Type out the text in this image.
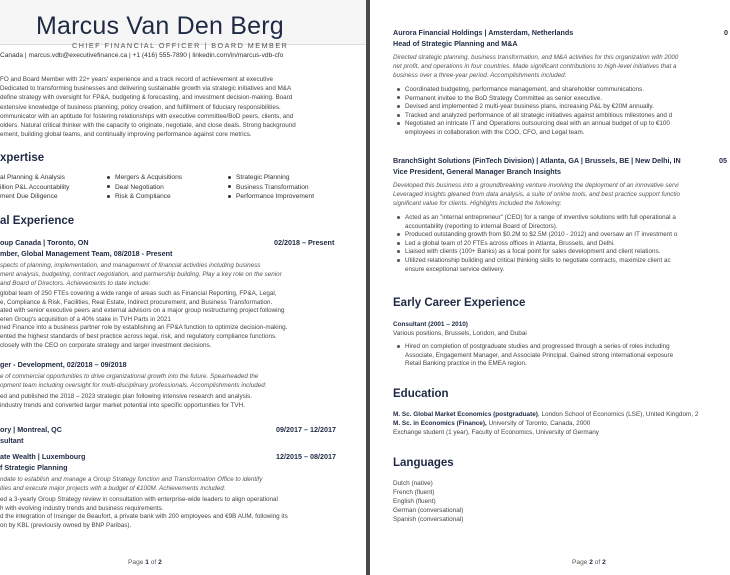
Marcus Van Den Berg
CHIEF FINANCIAL OFFICER | BOARD MEMBER
Canada | marcus.vdb@executivefinance.ca | +1 (416) 555-7890 | linkedin.com/in/marcus-vdb-cfo
FO and Board Member with 22+ years' experience and a track record of achievement at executive
Dedicated to transforming businesses and delivering sustainable growth via strategic initiatives and M&A
define strategy with oversight for FP&A, budgeting & forecasting, and investment decision-making. Board
extensive knowledge of business planning, policy creation, and fulfillment of fiduciary responsibilities.
ommunicator with an aptitude for fostering relationships with executive committee/BoD peers, clients, and
olders. Natural critical thinker with the capacity to originate, negotiate, and close deals. Strong background
ement, building global teams, and continually improving performance against core metrics.
xpertise
al Planning & Analysis	Mergers & Acquisitions	Strategic Planning
illion P&L Accountability	Deal Negotiation	Business Transformation
ment Due Diligence	Risk & Compliance	Performance Improvement
al Experience
oup Canada | Toronto, ON	02/2018 – Present
mber, Global Management Team, 08/2018 - Present
spects of planning, implementation, and management of financial activities including business
ment analysis, budgeting, contract negotiation, and partnership building. Play a key role on the senior
and Board of Directors. Achievements to date include:
global team of 250 FTEs covering a wide range of areas such as Financial Reporting, FP&A, Legal,
e, Compliance & Risk, Facilities, Real Estate, Indirect procurement, and Business Transformation.
ated with senior executive peers and external advisors on a major group restructuring project following
eren Group's acquisition of a 40% stake in TVH Parts in 2021
ned Finance into a business partner role by establishing an FP&A function to optimize decision-making.
ented the highest standards of best practice across legal, risk, and regulatory compliance functions.
closely with the CEO on corporate strategy and larger investment decisions.
ger - Development, 02/2018 – 09/2018
e of commercial opportunities to drive organizational growth into the future. Spearheaded the
opment team including oversight for multi-disciplinary professionals. Accomplishments included:
ed and published the 2018 – 2023 strategic plan following intensive research and analysis.
industry trends and converted larger market potential into specific opportunities for TVH.
ory | Montreal, QC	09/2017 – 12/2017
sultant
ate Wealth | Luxembourg	12/2015 – 08/2017
f Strategic Planning
ndate to establish and manage a Group Strategy function and Transformation Office to identify
ities and execute major projects with a budget of €100M. Achievements included:
ed a 3-yearly Group Strategy review in consultation with enterprise-wide leaders to align operational
h with evolving industry trends and business requirements.
d the integration of Insinger de Beaufort, a private bank with 200 employees and €9B AUM, following its
on by KBL (previously owned by BNP Paribas).
Page 1 of 2
Aurora Financial Holdings | Amsterdam, Netherlands	0
Head of Strategic Planning and M&A
Directed strategic planning, business transformation, and M&A activities for this organization with 2000
net profit, and operations in four countries. Made significant contributions to high-level initiatives that a
business over a three-year period. Accomplishments included:
Coordinated budgeting, performance management, and shareholder communications.
Permanent invitee to the BoD Strategy Committee as senior executive.
Devised and implemented 2 multi-year business plans, increasing P&L by €20M annually.
Tracked and analyzed performance of all strategic initiatives against ambitious milestones and d
Negotiated an intricate IT and Operations outsourcing deal with an annual budget of up to €100
employees in collaboration with the COO, CFO, and Legal team.
BranchSight Solutions (FinTech Division) | Atlanta, GA | Brussels, BE | New Delhi, IN	05
Vice President, General Manager Branch Insights
Developed this business into a groundbreaking venture involving the deployment of an innovative servi
Leveraged insights gleaned from data analysis, a suite of online tools, and best practice support functio
significant value for clients. Highlights included the following:
Acted as an "internal entrepreneur" (CEO) for a range of inventive solutions with full operational a
accountability (reporting to internal Board of Directors).
Produced outstanding growth from $0.2M to $2.5M (2010 - 2012) and oversaw an IT investment o
Led a global team of 20 FTEs across offices in Atlanta, Brussels, and Delhi.
Liaised with clients (100+ Banks) as a focal point for sales development and client relations.
Utilized relationship building and critical thinking skills to negotiate contracts, maximize client ac
ensure exceptional service delivery.
Early Career Experience
Consultant (2001 – 2010)
Various positions, Brussels, London, and Dubai
Hired on completion of postgraduate studies and progressed through a series of roles including
Associate, Engagement Manager, and Associate Principal. Gained strong international exposure
Retail Banking practice in the EMEA region.
Education
M. Sc. Global Market Economics (postgraduate), London School of Economics (LSE), United Kingdom, 2
M. Sc. in Economics (Finance), University of Toronto, Canada, 2000
Exchange student (1 year), Faculty of Economics, University of Germany
Languages
Dutch (native)
French (fluent)
English (fluent)
German (conversational)
Spanish (conversational)
Page 2 of 2
